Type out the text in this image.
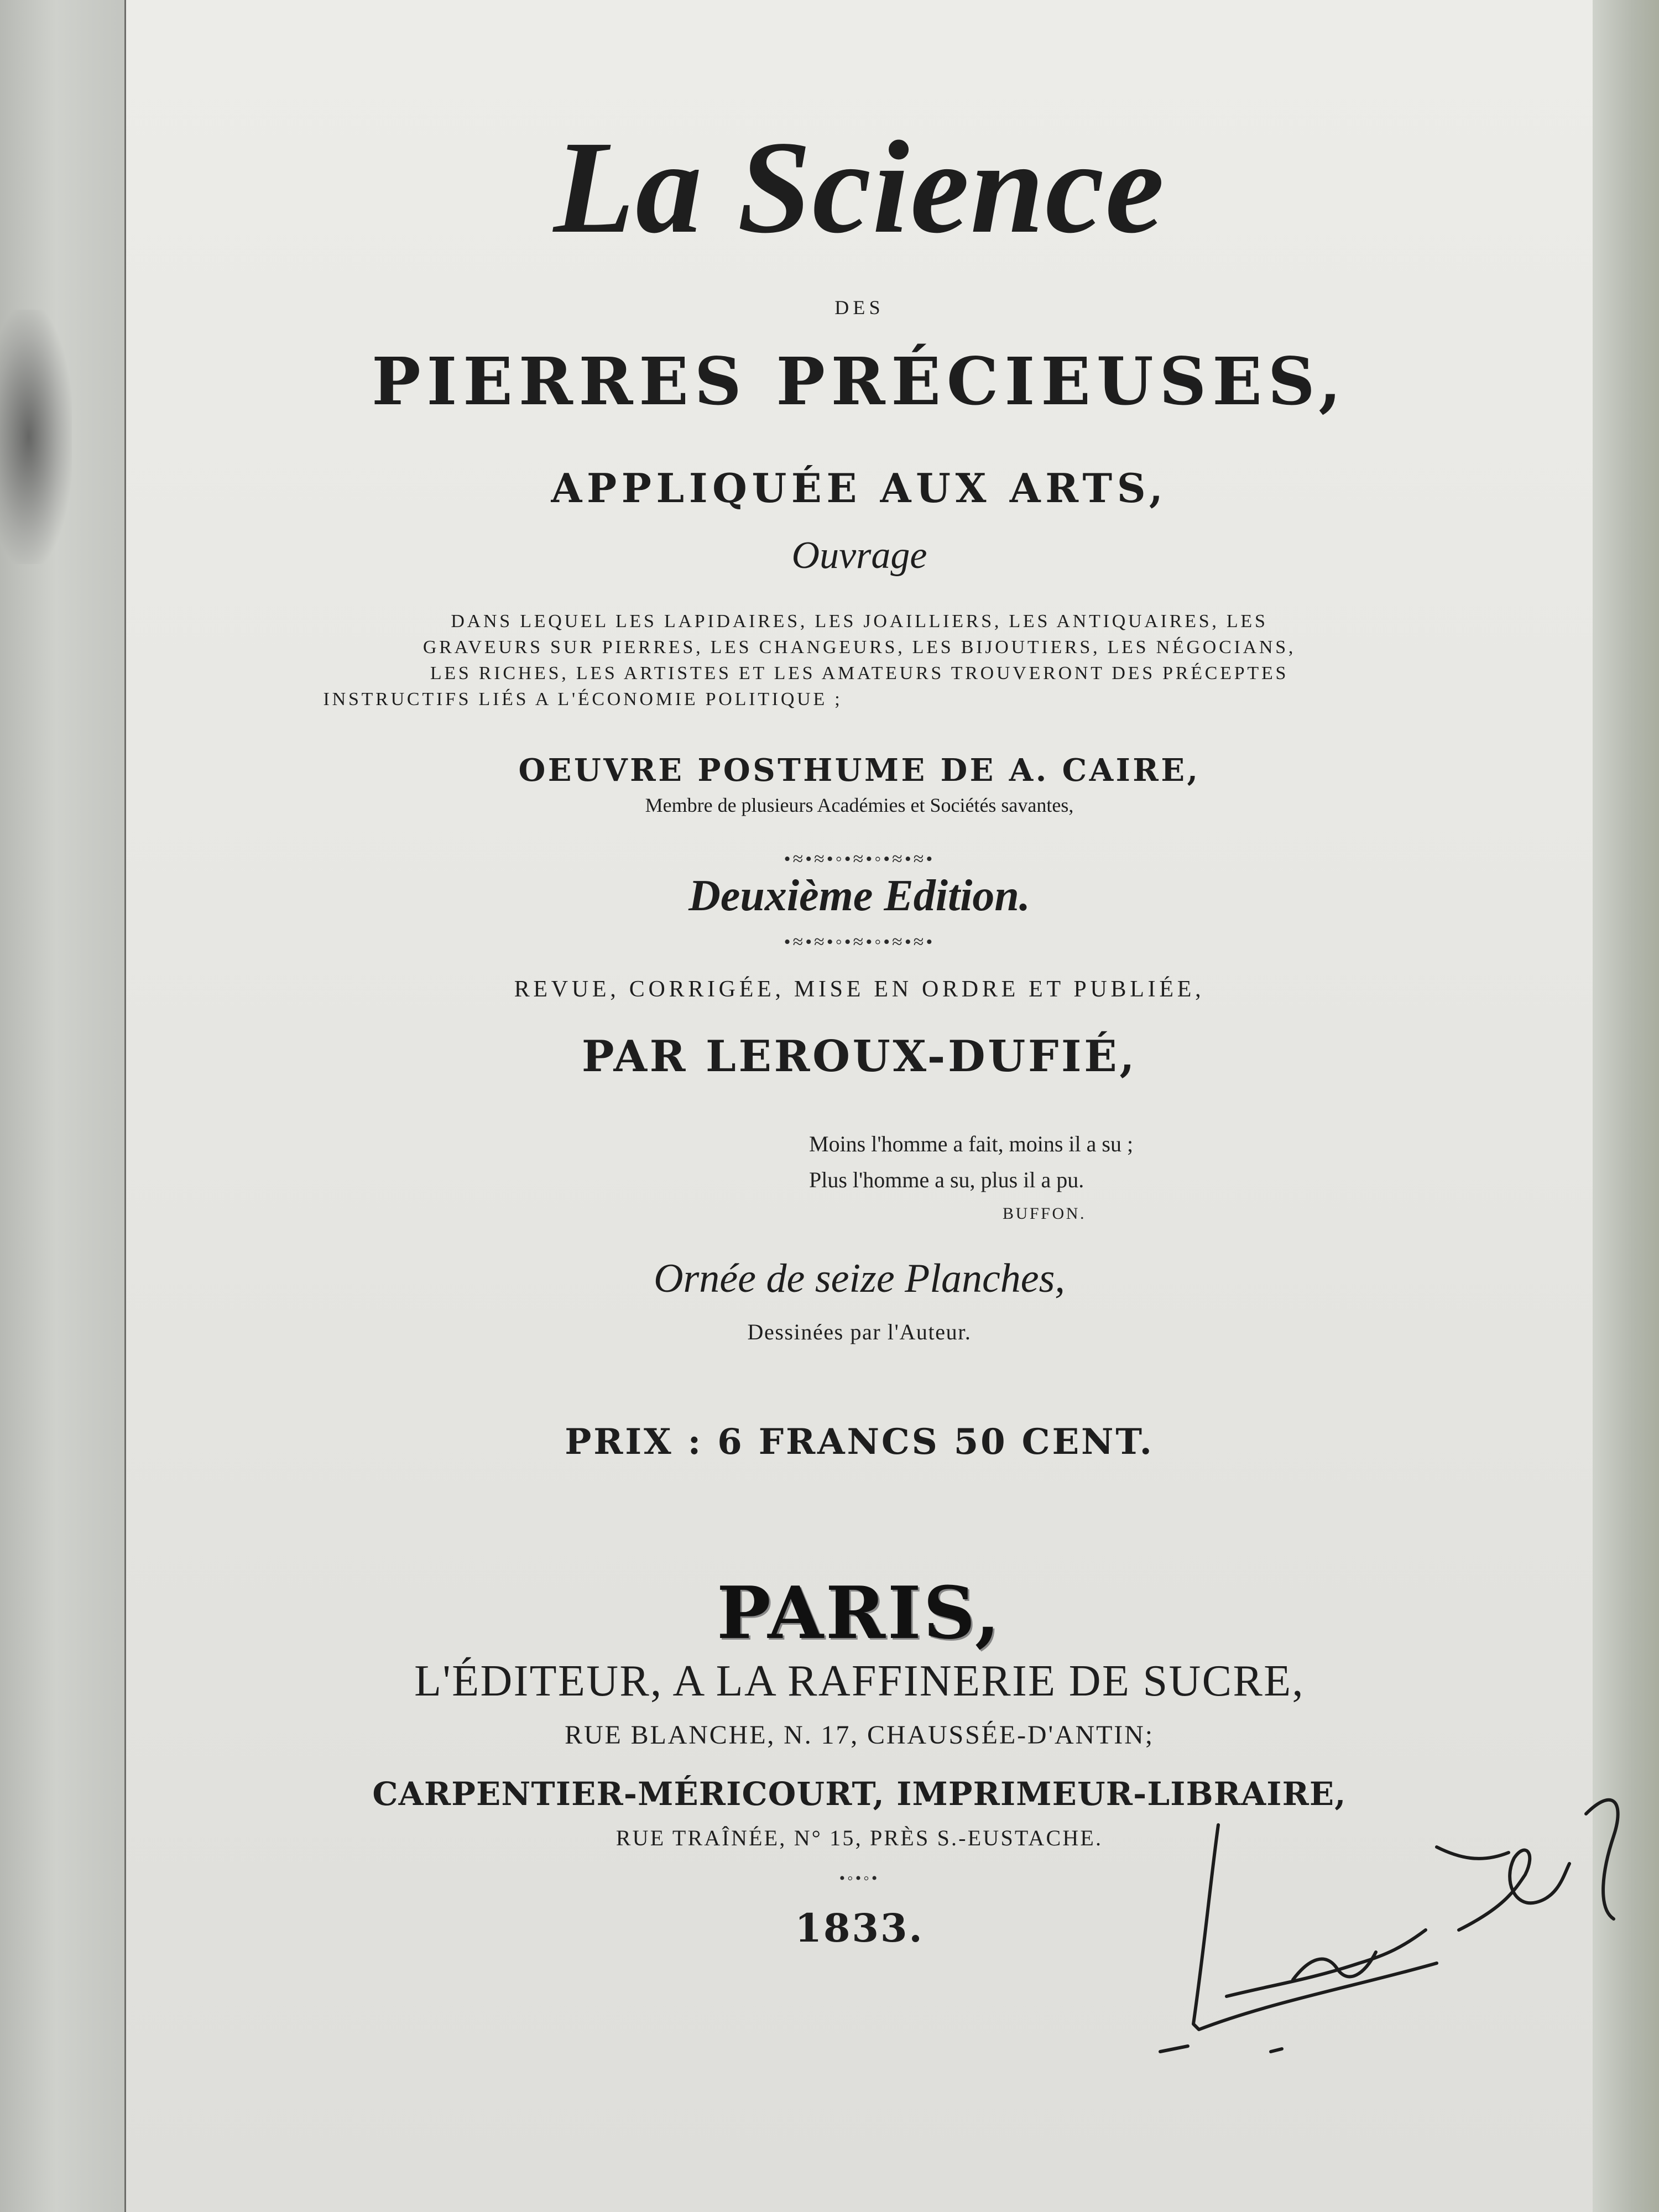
La Science

DES

PIERRES PRÉCIEUSES,

APPLIQUÉE AUX ARTS,

Ouvrage

DANS LEQUEL LES LAPIDAIRES, LES JOAILLIERS, LES ANTIQUAIRES, LES

GRAVEURS SUR PIERRES, LES CHANGEURS, LES BIJOUTIERS, LES NÉGOCIANS,

LES RICHES, LES ARTISTES ET LES AMATEURS TROUVERONT DES PRÉCEPTES

INSTRUCTIFS LIÉS A L'ÉCONOMIE POLITIQUE ;

OEUVRE POSTHUME DE A. CAIRE,

Membre de plusieurs Académies et Sociétés savantes,

•≈•≈•◦•≈•◦•≈•≈•

Deuxième Edition.

•≈•≈•◦•≈•◦•≈•≈•

REVUE, CORRIGÉE, MISE EN ORDRE ET PUBLIÉE,

PAR LEROUX-DUFIÉ,

Moins l'homme a fait, moins il a su ;
Plus l'homme a su, plus il a pu.
BUFFON.

Ornée de seize Planches,

Dessinées par l'Auteur.

PRIX : 6 FRANCS 50 CENT.

PARIS,

L'ÉDITEUR, A LA RAFFINERIE DE SUCRE,

RUE BLANCHE, N. 17, CHAUSSÉE-D'ANTIN;

CARPENTIER-MÉRICOURT, IMPRIMEUR-LIBRAIRE,

RUE TRAÎNÉE, N° 15, PRÈS S.-EUSTACHE.

•◦•◦•

1833.
